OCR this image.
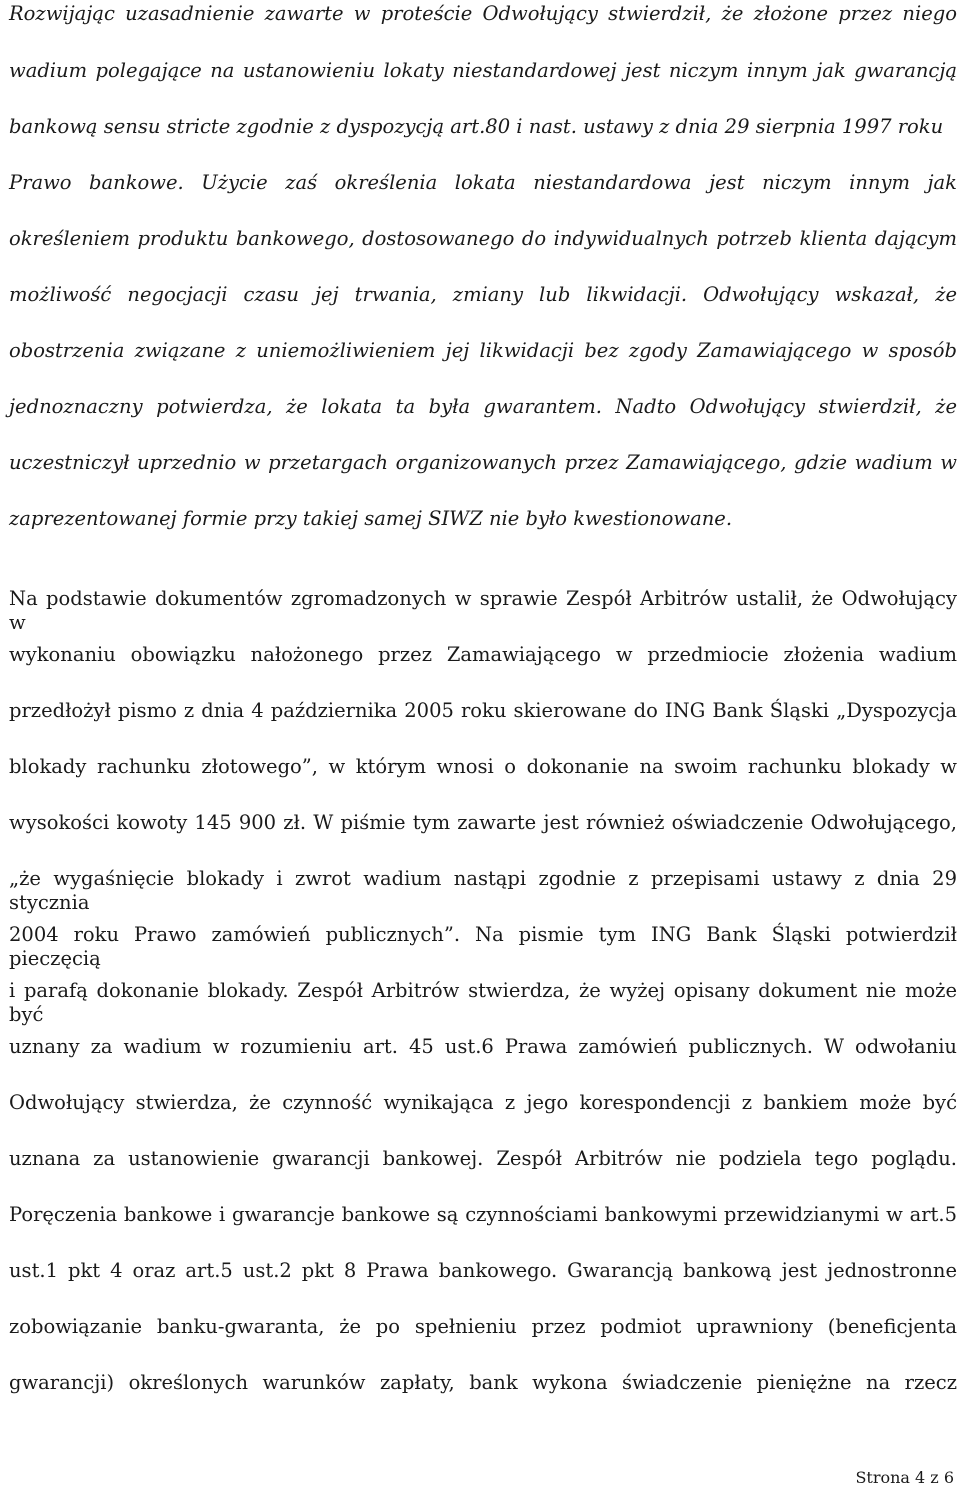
Rozwijając uzasadnienie zawarte w proteście Odwołujący stwierdził, że złożone przez niego
wadium polegające na ustanowieniu lokaty niestandardowej jest niczym innym jak gwarancją
bankową sensu stricte zgodnie z dyspozycją art.80 i nast. ustawy z dnia 29 sierpnia 1997 roku
Prawo bankowe. Użycie zaś określenia lokata niestandardowa jest niczym innym jak
określeniem produktu bankowego, dostosowanego do indywidualnych potrzeb klienta dającym
możliwość negocjacji czasu jej trwania, zmiany lub likwidacji. Odwołujący wskazał, że
obostrzenia związane z uniemożliwieniem jej likwidacji bez zgody Zamawiającego w sposób
jednoznaczny potwierdza, że lokata ta była gwarantem. Nadto Odwołujący stwierdził, że
uczestniczył uprzednio w przetargach organizowanych przez Zamawiającego, gdzie wadium w
zaprezentowanej formie przy takiej samej SIWZ nie było kwestionowane.
Na podstawie dokumentów zgromadzonych w sprawie Zespół Arbitrów ustalił, że Odwołujący w
wykonaniu obowiązku nałożonego przez Zamawiającego w przedmiocie złożenia wadium
przedłożył pismo z dnia 4 października 2005 roku skierowane do ING Bank Śląski „Dyspozycja
blokady rachunku złotowego”, w którym wnosi o dokonanie na swoim rachunku blokady w
wysokości kowoty 145 900 zł. W piśmie tym zawarte jest również oświadczenie Odwołującego,
„że wygaśnięcie blokady i zwrot wadium nastąpi zgodnie z przepisami ustawy z dnia 29 stycznia
2004 roku Prawo zamówień publicznych”. Na pismie tym ING Bank Śląski potwierdził pieczęcią
i parafą dokonanie blokady. Zespół Arbitrów stwierdza, że wyżej opisany dokument nie może być
uznany za wadium w rozumieniu art. 45 ust.6 Prawa zamówień publicznych. W odwołaniu
Odwołujący stwierdza, że czynność wynikająca z jego korespondencji z bankiem może być
uznana za ustanowienie gwarancji bankowej. Zespół Arbitrów nie podziela tego poglądu.
Poręczenia bankowe i gwarancje bankowe są czynnościami bankowymi przewidzianymi w art.5
ust.1 pkt 4 oraz art.5 ust.2 pkt 8 Prawa bankowego. Gwarancją bankową jest jednostronne
zobowiązanie banku-gwaranta, że po spełnieniu przez podmiot uprawniony (beneficjenta
gwarancji) określonych warunków zapłaty, bank wykona świadczenie pieniężne na rzecz
Strona 4 z 6
